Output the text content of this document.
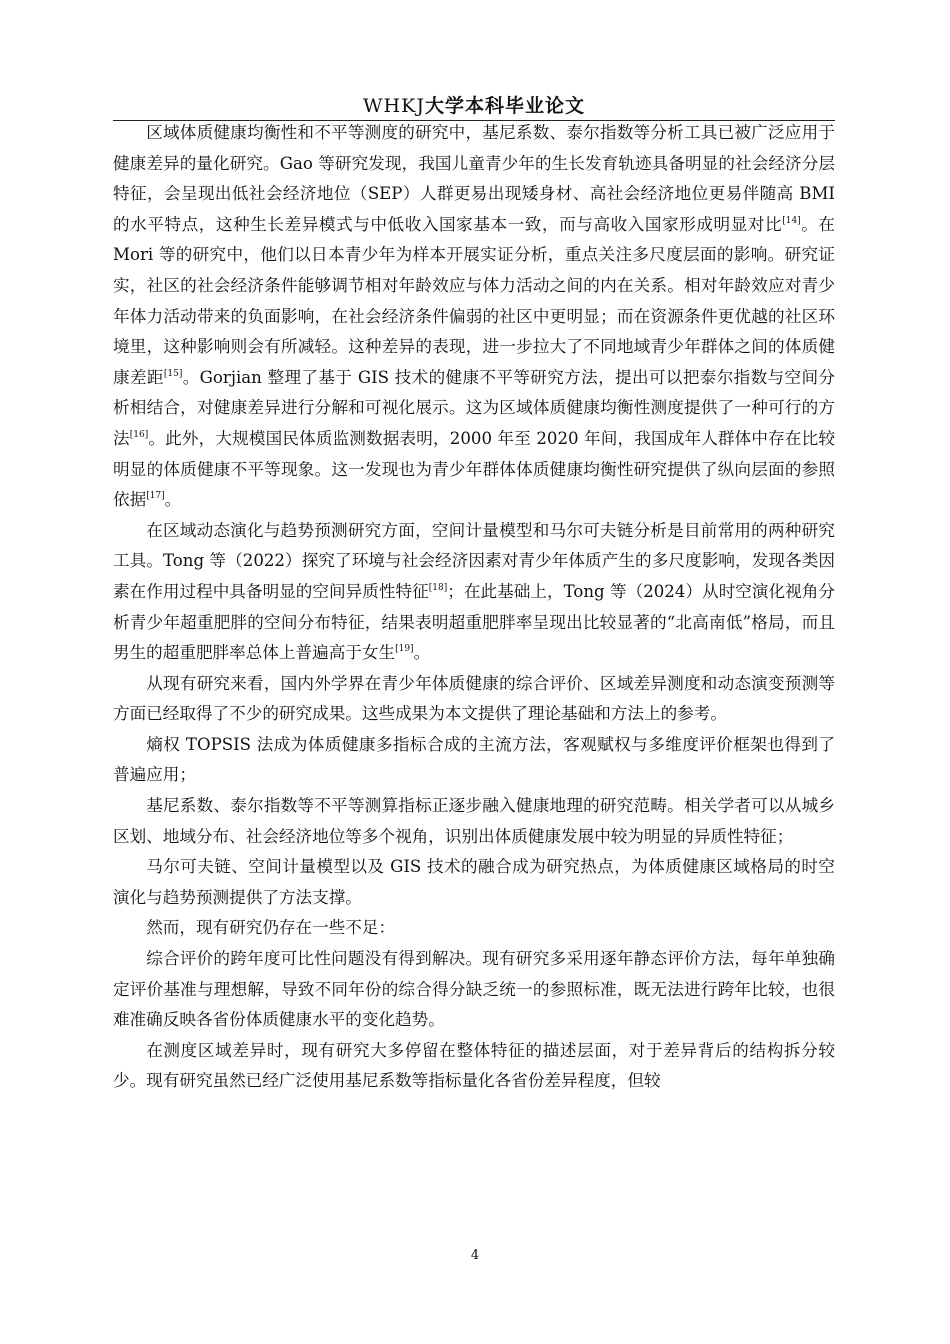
WHKJ大学本科毕业论文

区域体质健康均衡性和不平等测度的研究中，基尼系数、泰尔指数等分析工具已被广泛应用于健康差异的量化研究。Gao 等研究发现，我国儿童青少年的生长发育轨迹具备明显的社会经济分层特征，会呈现出低社会经济地位（SEP）人群更易出现矮身材、高社会经济地位更易伴随高 BMI 的水平特点，这种生长差异模式与中低收入国家基本一致，而与高收入国家形成明显对比[14]。在 Mori 等的研究中，他们以日本青少年为样本开展实证分析，重点关注多尺度层面的影响。研究证实，社区的社会经济条件能够调节相对年龄效应与体力活动之间的内在关系。相对年龄效应对青少年体力活动带来的负面影响，在社会经济条件偏弱的社区中更明显；而在资源条件更优越的社区环境里，这种影响则会有所减轻。这种差异的表现，进一步拉大了不同地域青少年群体之间的体质健康差距[15]。Gorjian 整理了基于 GIS 技术的健康不平等研究方法，提出可以把泰尔指数与空间分析相结合，对健康差异进行分解和可视化展示。这为区域体质健康均衡性测度提供了一种可行的方法[16]。此外，大规模国民体质监测数据表明，2000 年至 2020 年间，我国成年人群体中存在比较明显的体质健康不平等现象。这一发现也为青少年群体体质健康均衡性研究提供了纵向层面的参照依据[17]。

在区域动态演化与趋势预测研究方面，空间计量模型和马尔可夫链分析是目前常用的两种研究工具。Tong 等（2022）探究了环境与社会经济因素对青少年体质产生的多尺度影响，发现各类因素在作用过程中具备明显的空间异质性特征[18]；在此基础上，Tong 等（2024）从时空演化视角分析青少年超重肥胖的空间分布特征，结果表明超重肥胖率呈现出比较显著的“北高南低”格局，而且男生的超重肥胖率总体上普遍高于女生[19]。

从现有研究来看，国内外学界在青少年体质健康的综合评价、区域差异测度和动态演变预测等方面已经取得了不少的研究成果。这些成果为本文提供了理论基础和方法上的参考。

熵权 TOPSIS 法成为体质健康多指标合成的主流方法，客观赋权与多维度评价框架也得到了普遍应用；

基尼系数、泰尔指数等不平等测算指标正逐步融入健康地理的研究范畴。相关学者可以从城乡区划、地域分布、社会经济地位等多个视角，识别出体质健康发展中较为明显的异质性特征；

马尔可夫链、空间计量模型以及 GIS 技术的融合成为研究热点，为体质健康区域格局的时空演化与趋势预测提供了方法支撑。

然而，现有研究仍存在一些不足：

综合评价的跨年度可比性问题没有得到解决。现有研究多采用逐年静态评价方法，每年单独确定评价基准与理想解，导致不同年份的综合得分缺乏统一的参照标准，既无法进行跨年比较，也很难准确反映各省份体质健康水平的变化趋势。

在测度区域差异时，现有研究大多停留在整体特征的描述层面，对于差异背后的结构拆分较少。现有研究虽然已经广泛使用基尼系数等指标量化各省份差异程度，但较

4
